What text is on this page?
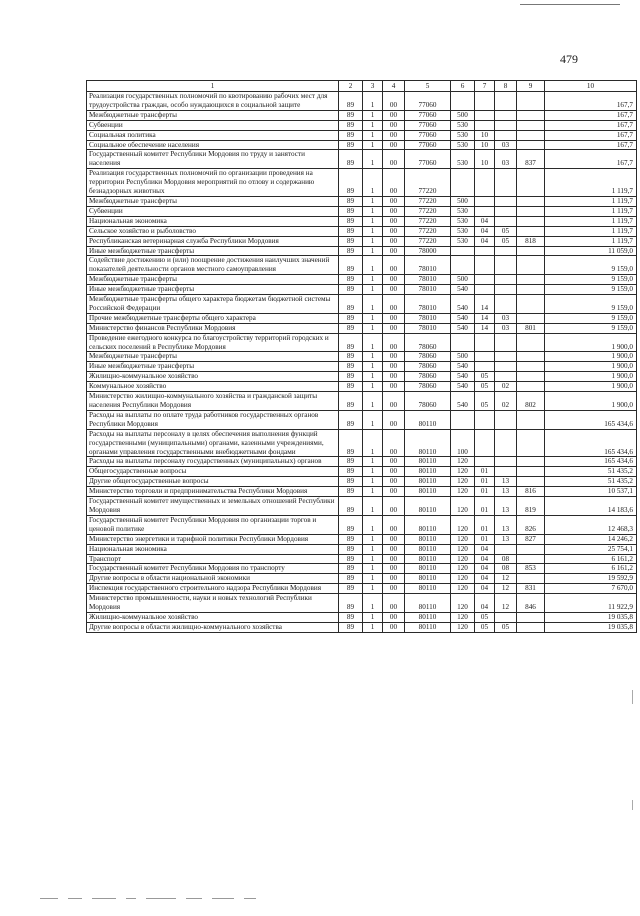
479
1	2	3	4	5	6	7	8	9	10
Реализация государственных полномочий по квотированию рабочих мест для трудоустройства граждан, особо нуждающихся в социальной защите	89	1	00	77060					167,7
Межбюджетные трансферты	89	1	00	77060	500				167,7
Субвенции	89	1	00	77060	530				167,7
Социальная политика	89	1	00	77060	530	10			167,7
Социальное обеспечение населения	89	1	00	77060	530	10	03		167,7
Государственный комитет Республики Мордовия по труду и занятости населения	89	1	00	77060	530	10	03	837	167,7
Реализация государственных полномочий по организации проведения на территории Республики Мордовия мероприятий по отлову и содержанию безнадзорных животных	89	1	00	77220					1 119,7
Межбюджетные трансферты	89	1	00	77220	500				1 119,7
Субвенции	89	1	00	77220	530				1 119,7
Национальная экономика	89	1	00	77220	530	04			1 119,7
Сельское хозяйство и рыболовство	89	1	00	77220	530	04	05		1 119,7
Республиканская ветеринарная служба Республики Мордовия	89	1	00	77220	530	04	05	818	1 119,7
Иные межбюджетные трансферты	89	1	00	78000					11 059,0
Содействие достижению и (или) поощрение достижения наилучших значений показателей деятельности органов местного самоуправления	89	1	00	78010					9 159,0
Межбюджетные трансферты	89	1	00	78010	500				9 159,0
Иные межбюджетные трансферты	89	1	00	78010	540				9 159,0
Межбюджетные трансферты общего характера бюджетам бюджетной системы Российской Федерации	89	1	00	78010	540	14			9 159,0
Прочие межбюджетные трансферты общего характера	89	1	00	78010	540	14	03		9 159,0
Министерство финансов Республики Мордовия	89	1	00	78010	540	14	03	801	9 159,0
Проведение ежегодного конкурса по благоустройству территорий городских и сельских поселений в Республике Мордовия	89	1	00	78060					1 900,0
Межбюджетные трансферты	89	1	00	78060	500				1 900,0
Иные межбюджетные трансферты	89	1	00	78060	540				1 900,0
Жилищно-коммунальное хозяйство	89	1	00	78060	540	05			1 900,0
Коммунальное хозяйство	89	1	00	78060	540	05	02		1 900,0
Министерство жилищно-коммунального хозяйства и гражданской защиты населения Республики Мордовия	89	1	00	78060	540	05	02	802	1 900,0
Расходы на выплаты по оплате труда работников государственных органов Республики Мордовия	89	1	00	80110					165 434,6
Расходы на выплаты персоналу в целях обеспечения выполнения функций государственными (муниципальными) органами, казенными учреждениями, органами управления государственными внебюджетными фондами	89	1	00	80110	100				165 434,6
Расходы на выплаты персоналу государственных (муниципальных) органов	89	1	00	80110	120				165 434,6
Общегосударственные вопросы	89	1	00	80110	120	01			51 435,2
Другие общегосударственные вопросы	89	1	00	80110	120	01	13		51 435,2
Министерство торговли и предпринимательства Республики Мордовия	89	1	00	80110	120	01	13	816	10 537,1
Государственный комитет имущественных и земельных отношений Республики Мордовия	89	1	00	80110	120	01	13	819	14 183,6
Государственный комитет Республики Мордовия по организации торгов и ценовой политике	89	1	00	80110	120	01	13	826	12 468,3
Министерство энергетики и тарифной политики Республики Мордовия	89	1	00	80110	120	01	13	827	14 246,2
Национальная экономика	89	1	00	80110	120	04			25 754,1
Транспорт	89	1	00	80110	120	04	08		6 161,2
Государственный комитет Республики Мордовия по транспорту	89	1	00	80110	120	04	08	853	6 161,2
Другие вопросы в области национальной экономики	89	1	00	80110	120	04	12		19 592,9
Инспекция государственного строительного надзора Республики Мордовия	89	1	00	80110	120	04	12	831	7 670,0
Министерство промышленности, науки и новых технологий Республики Мордовия	89	1	00	80110	120	04	12	846	11 922,9
Жилищно-коммунальное хозяйство	89	1	00	80110	120	05			19 035,8
Другие вопросы в области жилищно-коммунального хозяйства	89	1	00	80110	120	05	05		19 035,8
